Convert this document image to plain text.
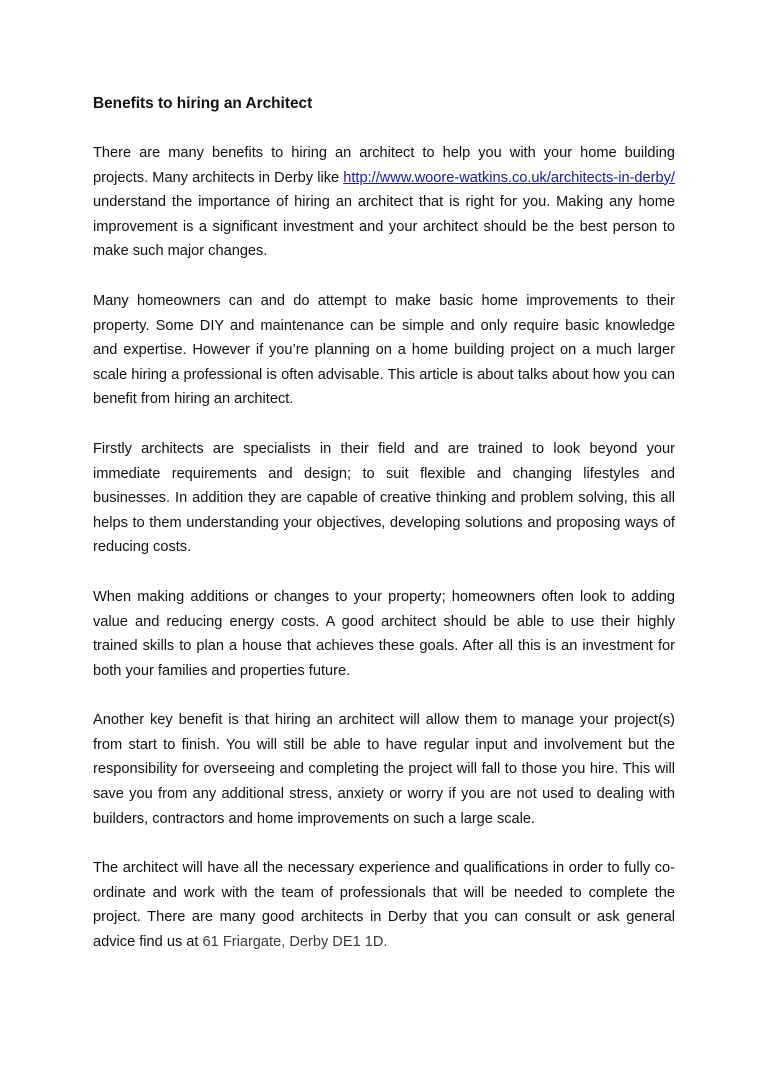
Benefits to hiring an Architect

There are many benefits to hiring an architect to help you with your home building projects. Many architects in Derby like http://www.woore-watkins.co.uk/architects-in-derby/ understand the importance of hiring an architect that is right for you. Making any home improvement is a significant investment and your architect should be the best person to make such major changes.

Many homeowners can and do attempt to make basic home improvements to their property. Some DIY and maintenance can be simple and only require basic knowledge and expertise. However if you’re planning on a home building project on a much larger scale hiring a professional is often advisable. This article is about talks about how you can benefit from hiring an architect.

Firstly architects are specialists in their field and are trained to look beyond your immediate requirements and design; to suit flexible and changing lifestyles and businesses. In addition they are capable of creative thinking and problem solving, this all helps to them understanding your objectives, developing solutions and proposing ways of reducing costs.

When making additions or changes to your property; homeowners often look to adding value and reducing energy costs. A good architect should be able to use their highly trained skills to plan a house that achieves these goals. After all this is an investment for both your families and properties future.

Another key benefit is that hiring an architect will allow them to manage your project(s) from start to finish. You will still be able to have regular input and involvement but the responsibility for overseeing and completing the project will fall to those you hire. This will save you from any additional stress, anxiety or worry if you are not used to dealing with builders, contractors and home improvements on such a large scale.

The architect will have all the necessary experience and qualifications in order to fully co-ordinate and work with the team of professionals that will be needed to complete the project. There are many good architects in Derby that you can consult or ask general advice find us at 61 Friargate, Derby DE1 1D.
